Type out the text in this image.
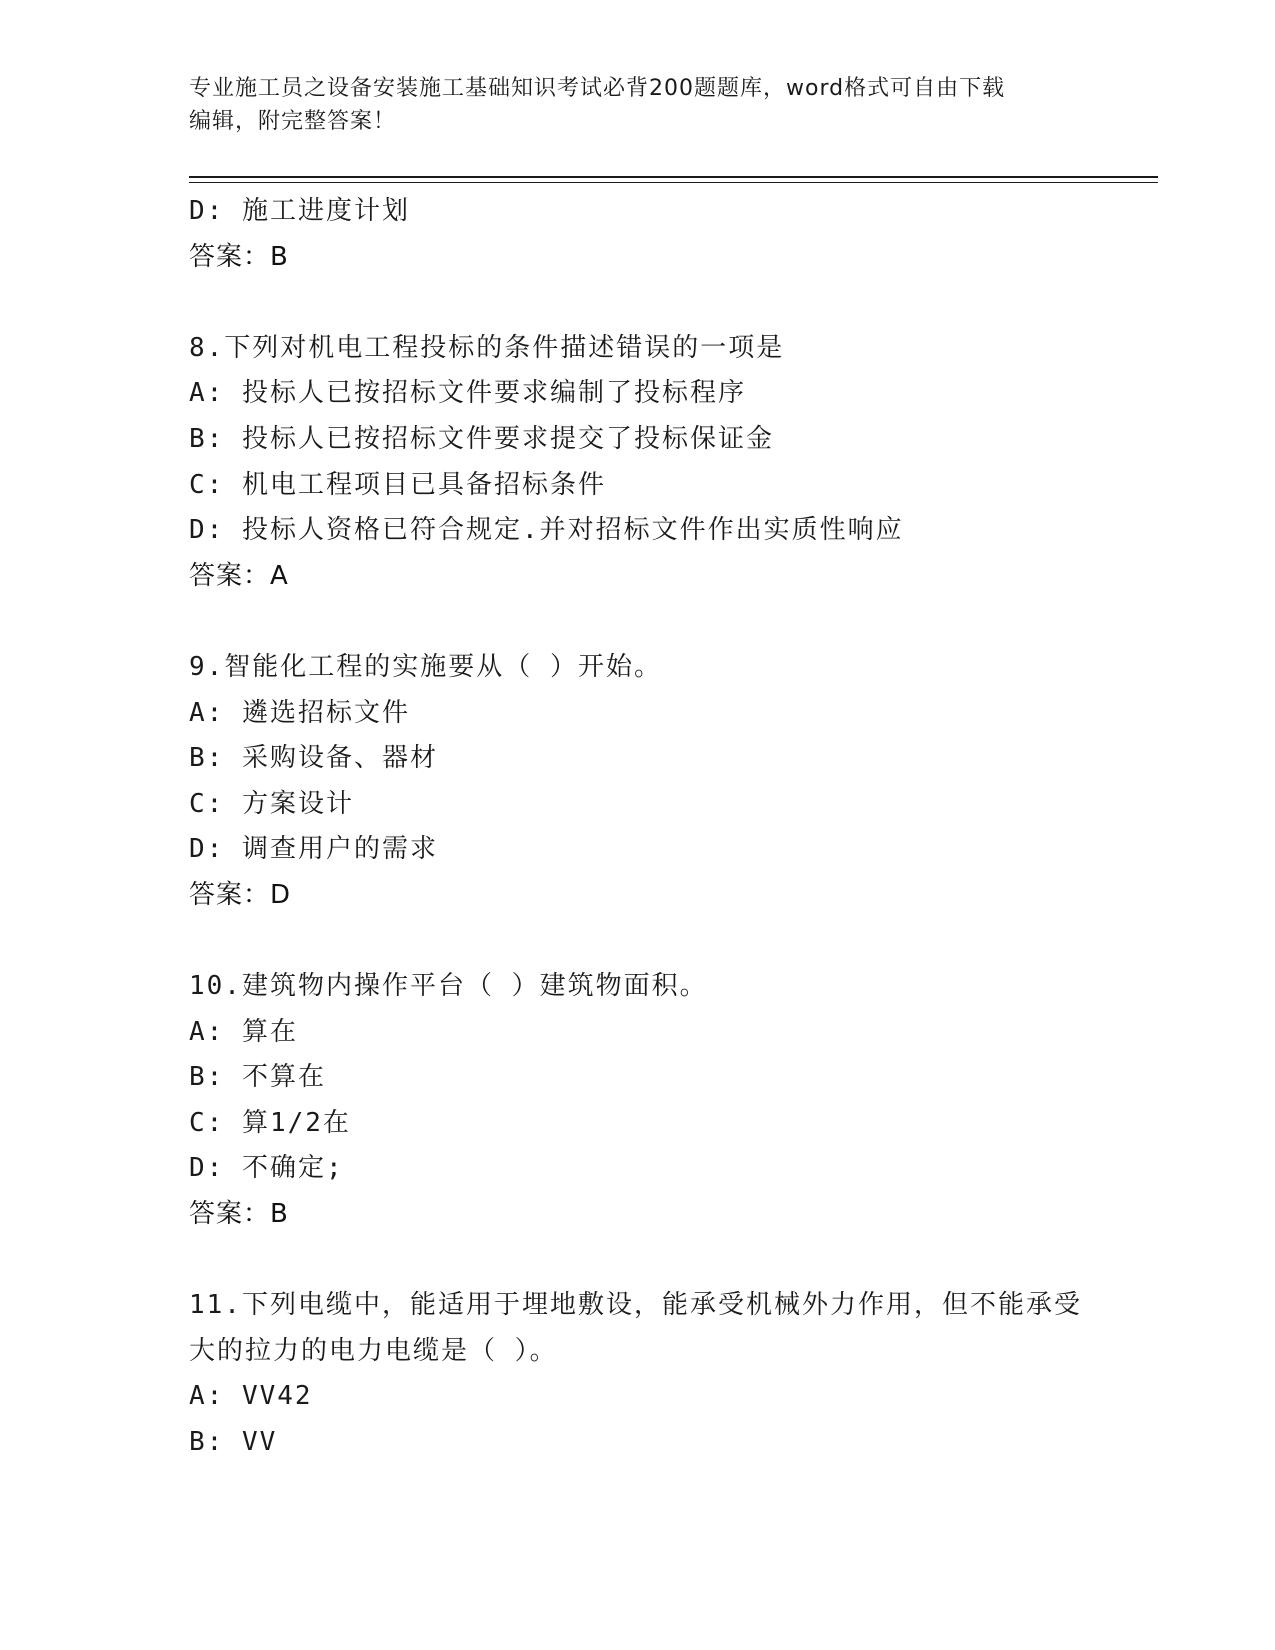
专业施工员之设备安装施工基础知识考试必背200题题库，word格式可自由下载
编辑，附完整答案！
D: 施工进度计划
答案：B
8.下列对机电工程投标的条件描述错误的一项是
A: 投标人已按招标文件要求编制了投标程序
B: 投标人已按招标文件要求提交了投标保证金
C: 机电工程项目已具备招标条件
D: 投标人资格已符合规定.并对招标文件作出实质性响应
答案：A
9.智能化工程的实施要从（ ）开始。
A: 遴选招标文件
B: 采购设备、器材
C: 方案设计
D: 调查用户的需求
答案：D
10.建筑物内操作平台（ ）建筑物面积。
A: 算在
B: 不算在
C: 算1/2在
D: 不确定;
答案：B
11.下列电缆中，能适用于埋地敷设，能承受机械外力作用，但不能承受大的拉力的电力电缆是（ ）。
A: VV42
B: VV
